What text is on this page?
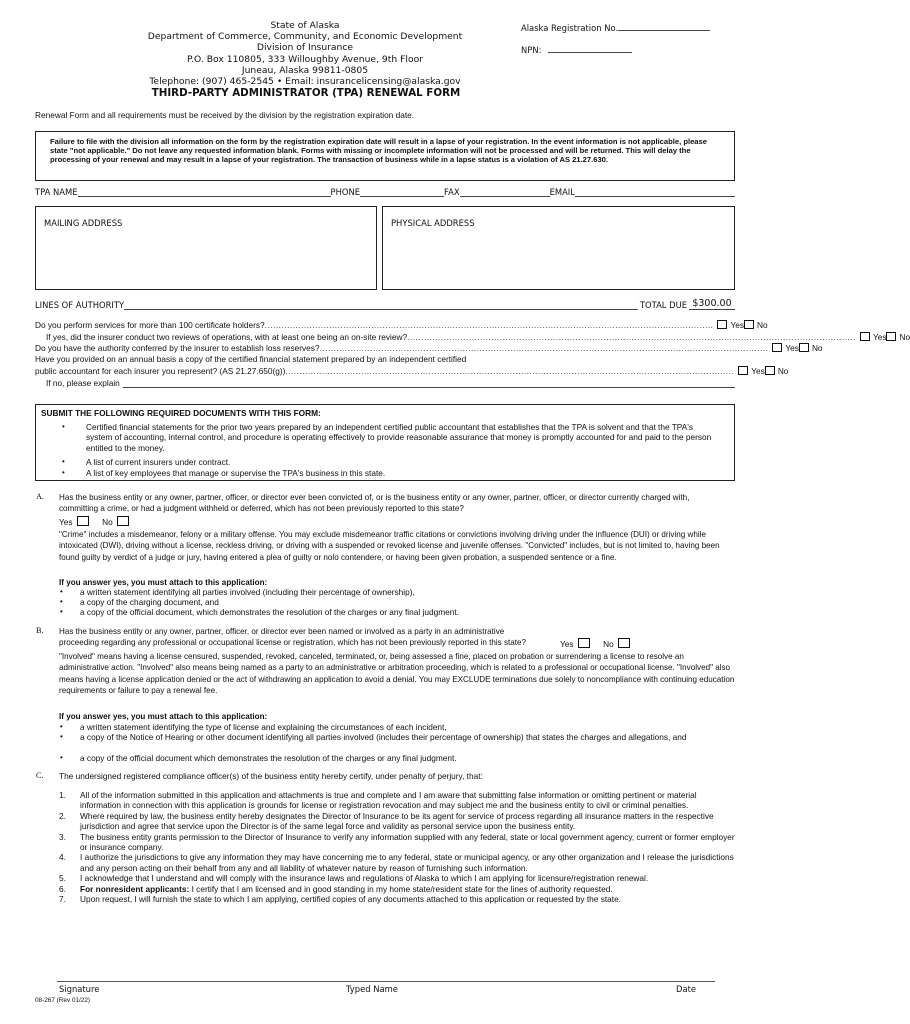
State of Alaska
Department of Commerce, Community, and Economic Development
Division of Insurance
P.O. Box 110805, 333 Willoughby Avenue, 9th Floor
Juneau, Alaska 99811-0805
Telephone: (907) 465-2545 • Email: insurancelicensing@alaska.gov
Alaska Registration No.
NPN:
THIRD-PARTY ADMINISTRATOR (TPA) RENEWAL FORM
Renewal Form and all requirements must be received by the division by the registration expiration date.
Failure to file with the division all information on the form by the registration expiration date will result in a lapse of your registration. In the event information is not applicable, please state "not applicable." Do not leave any requested information blank. Forms with missing or incomplete information will not be processed and will be returned. This will delay the processing of your renewal and may result in a lapse of your registration. The transaction of business while in a lapse status is a violation of AS 21.27.630.
TPA NAME	PHONE	FAX	EMAIL
MAILING ADDRESS	PHYSICAL ADDRESS
LINES OF AUTHORITY	TOTAL DUE $300.00
Do you perform services for more than 100 certificate holders? ................................................................................................................................................................	Yes	No
If yes, did the insurer conduct two reviews of operations, with at least one being an on-site review? ................................................................................................................................................................	Yes	No
Do you have the authority conferred by the insurer to establish loss reserves? ................................................................................................................................................................	Yes	No
Have you provided on an annual basis a copy of the certified financial statement prepared by an independent certified
public accountant for each insurer you represent? (AS 21.27.650(g)) ................................................................................................................................................................	Yes	No
If no, please explain
SUBMIT THE FOLLOWING REQUIRED DOCUMENTS WITH THIS FORM:
•	Certified financial statements for the prior two years prepared by an independent certified public accountant that establishes that the TPA is solvent and that the TPA's system of accounting, internal control, and procedure is operating effectively to provide reasonable assurance that money is promptly accounted for and paid to the person entitled to the money.
•	A list of current insurers under contract.
•	A list of key employees that manage or supervise the TPA's business in this state.
A. Has the business entity or any owner, partner, officer, or director ever been convicted of, or is the business entity or any owner, partner, officer, or director currently charged with, committing a crime, or had a judgment withheld or deferred, which has not been previously reported to this state?

Yes	No

"Crime" includes a misdemeanor, felony or a military offense. You may exclude misdemeanor traffic citations or convictions involving driving under the influence (DUI) or driving while intoxicated (DWI), driving without a license, reckless driving, or driving with a suspended or revoked license and juvenile offenses. "Convicted" includes, but is not limited to, having been found guilty by verdict of a judge or jury, having entered a plea of guilty or nolo contendere, or having been given probation, a suspended sentence or a fine.

If you answer yes, you must attach to this application:
• a written statement identifying all parties involved (including their percentage of ownership),
• a copy of the charging document, and
• a copy of the official document, which demonstrates the resolution of the charges or any final judgment.
B. Has the business entity or any owner, partner, officer, or director ever been named or involved as a party in an administrative proceeding regarding any professional or occupational license or registration, which has not been previously reported in this state?	Yes	No

"Involved" means having a license censured, suspended, revoked, canceled, terminated, or, being assessed a fine, placed on probation or surrendering a license to resolve an administrative action. "Involved" also means being named as a party to an administrative or arbitration proceeding, which is related to a professional or occupational license. "Involved" also means having a license application denied or the act of withdrawing an application to avoid a denial. You may EXCLUDE terminations due solely to noncompliance with continuing education requirements or failure to pay a renewal fee.

If you answer yes, you must attach to this application:
• a written statement identifying the type of license and explaining the circumstances of each incident,
• a copy of the Notice of Hearing or other document identifying all parties involved (includes their percentage of ownership) that states the charges and allegations, and
• a copy of the official document which demonstrates the resolution of the charges or any final judgment.
C. The undersigned registered compliance officer(s) of the business entity hereby certify, under penalty of perjury, that:
1.	All of the information submitted in this application and attachments is true and complete and I am aware that submitting false information or omitting pertinent or material information in connection with this application is grounds for license or registration revocation and may subject me and the business entity to civil or criminal penalties.
2.	Where required by law, the business entity hereby designates the Director of Insurance to be its agent for service of process regarding all insurance matters in the respective jurisdiction and agree that service upon the Director is of the same legal force and validity as personal service upon the business entity.
3.	The business entity grants permission to the Director of Insurance to verify any information supplied with any federal, state or local government agency, current or former employer or insurance company.
4.	I authorize the jurisdictions to give any information they may have concerning me to any federal, state or municipal agency, or any other organization and I release the jurisdictions and any person acting on their behalf from any and all liability of whatever nature by reason of furnishing such information.
5.	I acknowledge that I understand and will comply with the insurance laws and regulations of Alaska to which I am applying for licensure/registration renewal.
6.	For nonresident applicants: I certify that I am licensed and in good standing in my home state/resident state for the lines of authority requested.
7.	Upon request, I will furnish the state to which I am applying, certified copies of any documents attached to this application or requested by the state.
Signature	Typed Name	Date
08-267 (Rev 01/22)
